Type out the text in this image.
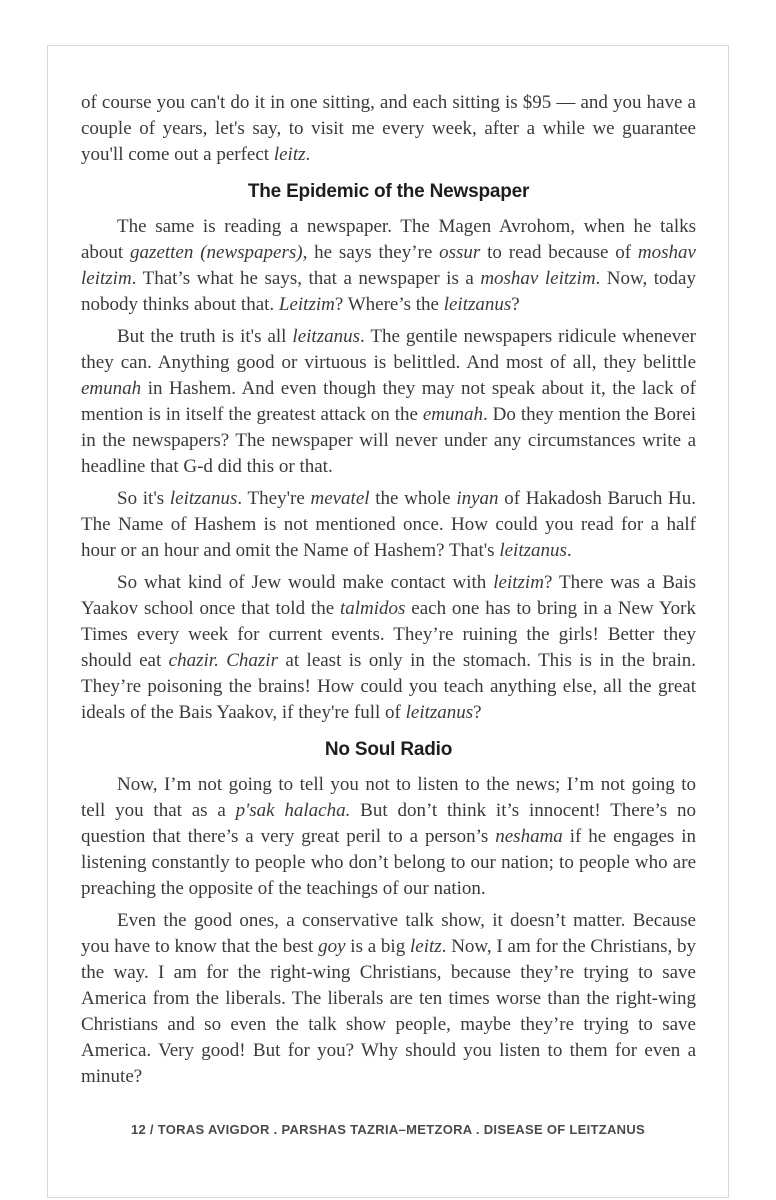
of course you can't do it in one sitting, and each sitting is $95 — and you have a couple of years, let's say, to visit me every week, after a while we guarantee you'll come out a perfect leitz.

The Epidemic of the Newspaper

The same is reading a newspaper. The Magen Avrohom, when he talks about gazetten (newspapers), he says they’re ossur to read because of moshav leitzim. That’s what he says, that a newspaper is a moshav leitzim. Now, today nobody thinks about that. Leitzim? Where’s the leitzanus?

But the truth is it's all leitzanus. The gentile newspapers ridicule whenever they can. Anything good or virtuous is belittled. And most of all, they belittle emunah in Hashem. And even though they may not speak about it, the lack of mention is in itself the greatest attack on the emunah. Do they mention the Borei in the newspapers? The newspaper will never under any circumstances write a headline that G-d did this or that.

So it's leitzanus. They're mevatel the whole inyan of Hakadosh Baruch Hu. The Name of Hashem is not mentioned once. How could you read for a half hour or an hour and omit the Name of Hashem? That's leitzanus.

So what kind of Jew would make contact with leitzim? There was a Bais Yaakov school once that told the talmidos each one has to bring in a New York Times every week for current events. They’re ruining the girls! Better they should eat chazir. Chazir at least is only in the stomach. This is in the brain. They’re poisoning the brains! How could you teach anything else, all the great ideals of the Bais Yaakov, if they're full of leitzanus?

No Soul Radio

Now, I’m not going to tell you not to listen to the news; I’m not going to tell you that as a p'sak halacha. But don’t think it’s innocent! There’s no question that there’s a very great peril to a person’s neshama if he engages in listening constantly to people who don’t belong to our nation; to people who are preaching the opposite of the teachings of our nation.

Even the good ones, a conservative talk show, it doesn’t matter. Because you have to know that the best goy is a big leitz. Now, I am for the Christians, by the way. I am for the right-wing Christians, because they’re trying to save America from the liberals. The liberals are ten times worse than the right-wing Christians and so even the talk show people, maybe they’re trying to save America. Very good! But for you? Why should you listen to them for even a minute?

12 / TORAS AVIGDOR . PARSHAS TAZRIA–METZORA . DISEASE OF LEITZANUS
